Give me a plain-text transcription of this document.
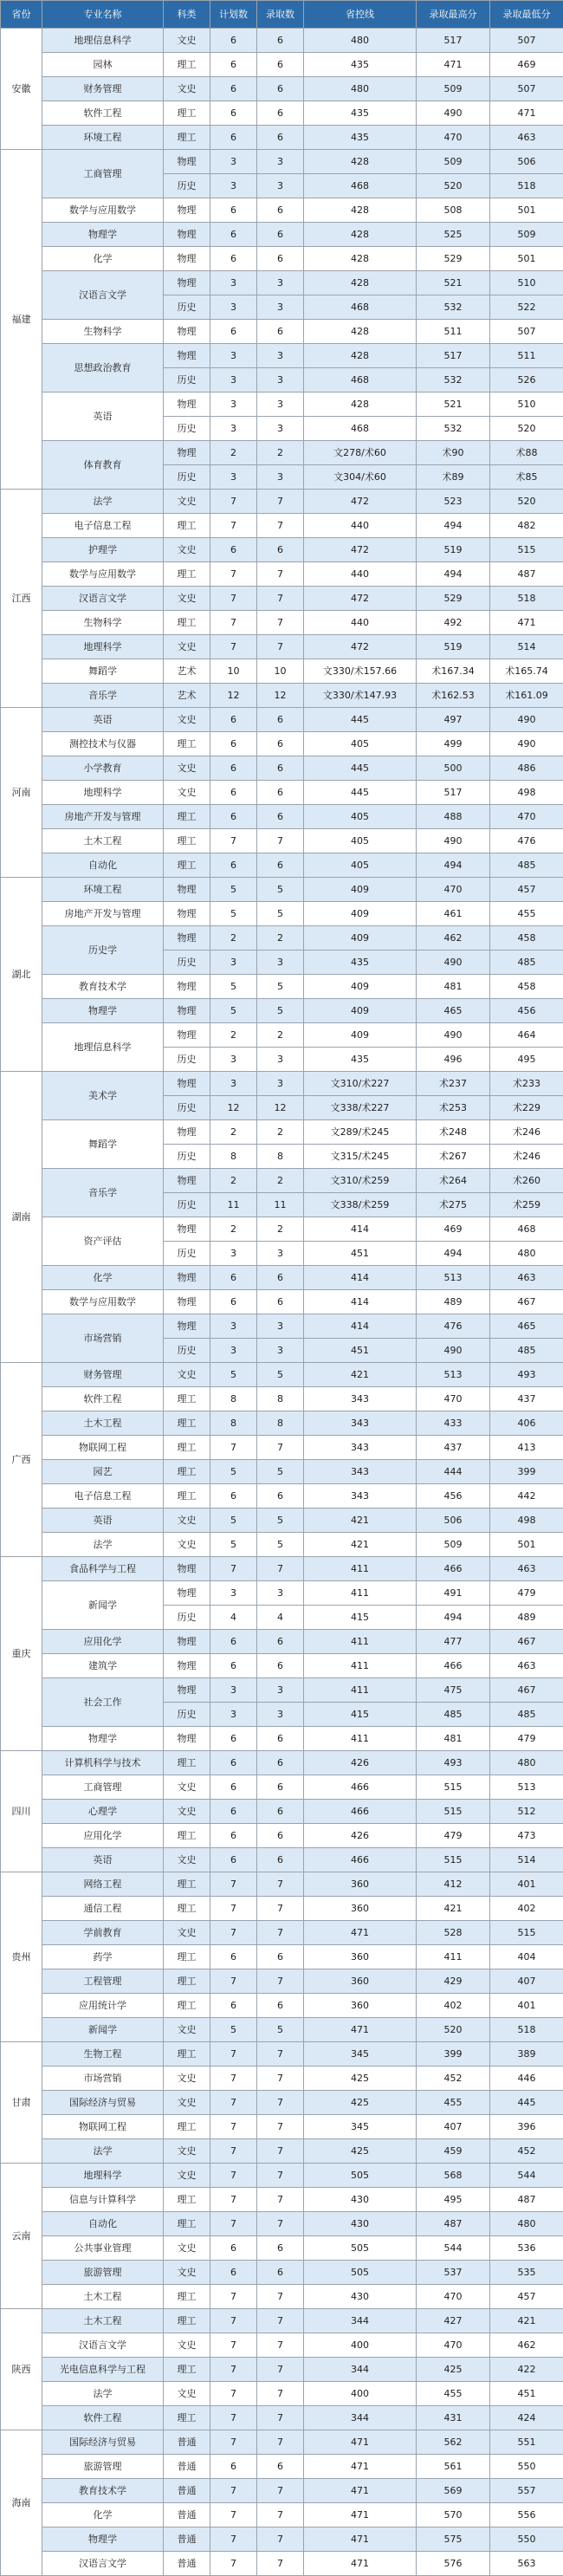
省份	专业名称	科类	计划数	录取数	省控线	录取最高分	录取最低分
安徽	地理信息科学	文史	6	6	480	517	507
	园林	理工	6	6	435	471	469
	财务管理	文史	6	6	480	509	507
	软件工程	理工	6	6	435	490	471
	环境工程	理工	6	6	435	470	463
福建	工商管理	物理	3	3	428	509	506
		历史	3	3	468	520	518
	数学与应用数学	物理	6	6	428	508	501
	物理学	物理	6	6	428	525	509
	化学	物理	6	6	428	529	501
	汉语言文学	物理	3	3	428	521	510
		历史	3	3	468	532	522
	生物科学	物理	6	6	428	511	507
	思想政治教育	物理	3	3	428	517	511
		历史	3	3	468	532	526
	英语	物理	3	3	428	521	510
		历史	3	3	468	532	520
	体育教育	物理	2	2	文278/术60	术90	术88
		历史	3	3	文304/术60	术89	术85
江西	法学	文史	7	7	472	523	520
	电子信息工程	理工	7	7	440	494	482
	护理学	文史	6	6	472	519	515
	数学与应用数学	理工	7	7	440	494	487
	汉语言文学	文史	7	7	472	529	518
	生物科学	理工	7	7	440	492	471
	地理科学	文史	7	7	472	519	514
	舞蹈学	艺术	10	10	文330/术157.66	术167.34	术165.74
	音乐学	艺术	12	12	文330/术147.93	术162.53	术161.09
河南	英语	文史	6	6	445	497	490
	测控技术与仪器	理工	6	6	405	499	490
	小学教育	文史	6	6	445	500	486
	地理科学	文史	6	6	445	517	498
	房地产开发与管理	理工	6	6	405	488	470
	土木工程	理工	7	7	405	490	476
	自动化	理工	6	6	405	494	485
湖北	环境工程	物理	5	5	409	470	457
	房地产开发与管理	物理	5	5	409	461	455
	历史学	物理	2	2	409	462	458
		历史	3	3	435	490	485
	教育技术学	物理	5	5	409	481	458
	物理学	物理	5	5	409	465	456
	地理信息科学	物理	2	2	409	490	464
		历史	3	3	435	496	495
湖南	美术学	物理	3	3	文310/术227	术237	术233
		历史	12	12	文338/术227	术253	术229
	舞蹈学	物理	2	2	文289/术245	术248	术246
		历史	8	8	文315/术245	术267	术246
	音乐学	物理	2	2	文310/术259	术264	术260
		历史	11	11	文338/术259	术275	术259
	资产评估	物理	2	2	414	469	468
		历史	3	3	451	494	480
	化学	物理	6	6	414	513	463
	数学与应用数学	物理	6	6	414	489	467
	市场营销	物理	3	3	414	476	465
		历史	3	3	451	490	485
广西	财务管理	文史	5	5	421	513	493
	软件工程	理工	8	8	343	470	437
	土木工程	理工	8	8	343	433	406
	物联网工程	理工	7	7	343	437	413
	园艺	理工	5	5	343	444	399
	电子信息工程	理工	6	6	343	456	442
	英语	文史	5	5	421	506	498
	法学	文史	5	5	421	509	501
重庆	食品科学与工程	物理	7	7	411	466	463
	新闻学	物理	3	3	411	491	479
		历史	4	4	415	494	489
	应用化学	物理	6	6	411	477	467
	建筑学	物理	6	6	411	466	463
	社会工作	物理	3	3	411	475	467
		历史	3	3	415	485	485
	物理学	物理	6	6	411	481	479
四川	计算机科学与技术	理工	6	6	426	493	480
	工商管理	文史	6	6	466	515	513
	心理学	文史	6	6	466	515	512
	应用化学	理工	6	6	426	479	473
	英语	文史	6	6	466	515	514
贵州	网络工程	理工	7	7	360	412	401
	通信工程	理工	7	7	360	421	402
	学前教育	文史	7	7	471	528	515
	药学	理工	6	6	360	411	404
	工程管理	理工	7	7	360	429	407
	应用统计学	理工	6	6	360	402	401
	新闻学	文史	5	5	471	520	518
甘肃	生物工程	理工	7	7	345	399	389
	市场营销	文史	7	7	425	452	446
	国际经济与贸易	文史	7	7	425	455	445
	物联网工程	理工	7	7	345	407	396
	法学	文史	7	7	425	459	452
云南	地理科学	文史	7	7	505	568	544
	信息与计算科学	理工	7	7	430	495	487
	自动化	理工	7	7	430	487	480
	公共事业管理	文史	6	6	505	544	536
	旅游管理	文史	6	6	505	537	535
	土木工程	理工	7	7	430	470	457
陕西	土木工程	理工	7	7	344	427	421
	汉语言文学	文史	7	7	400	470	462
	光电信息科学与工程	理工	7	7	344	425	422
	法学	文史	7	7	400	455	451
	软件工程	理工	7	7	344	431	424
海南	国际经济与贸易	普通	7	7	471	562	551
	旅游管理	普通	6	6	471	561	550
	教育技术学	普通	7	7	471	569	557
	化学	普通	7	7	471	570	556
	物理学	普通	7	7	471	575	550
	汉语言文学	普通	7	7	471	576	563
